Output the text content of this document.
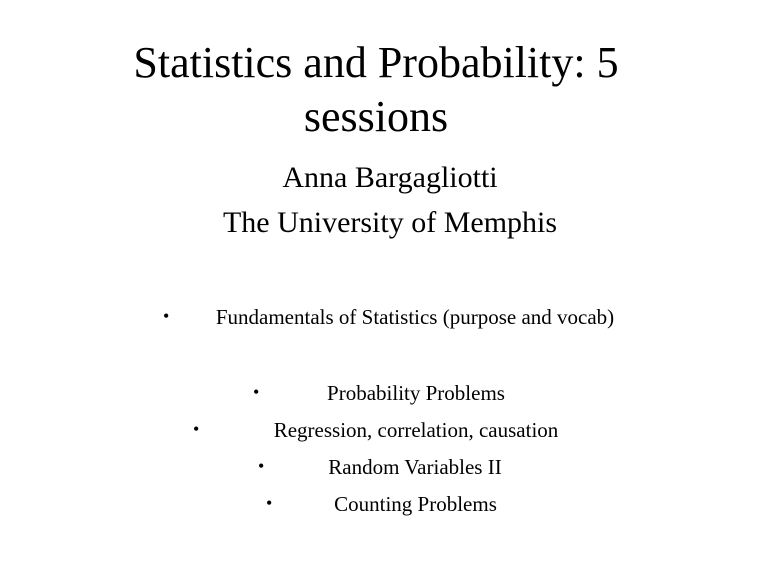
Statistics and Probability: 5 sessions

Anna Bargagliotti

The University of Memphis

•	Fundamentals of Statistics (purpose and vocab)
•	Probability Problems
•	Regression, correlation, causation
•	Random Variables II
•	Counting Problems
